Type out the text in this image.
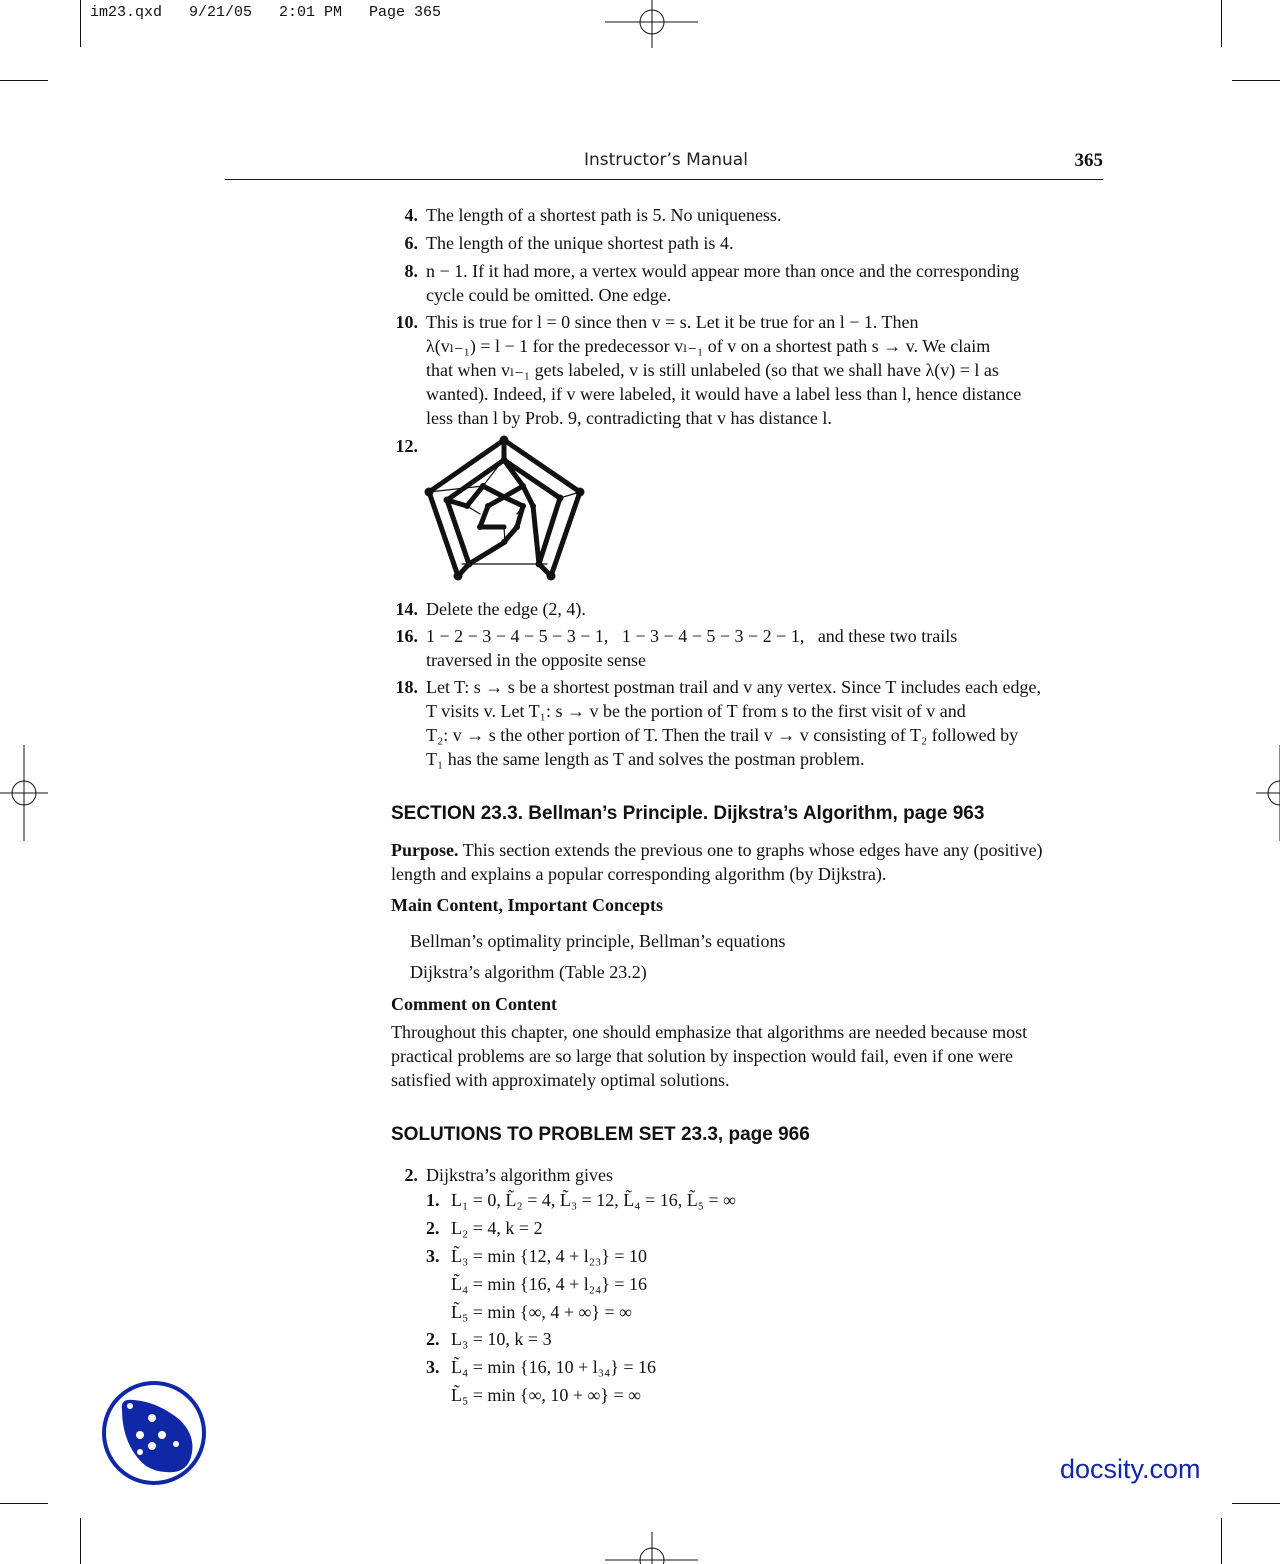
im23.qxd   9/21/05   2:01 PM   Page 365
Instructor’s Manual	365
4. The length of a shortest path is 5. No uniqueness.

6. The length of the unique shortest path is 4.

8. n − 1. If it had more, a vertex would appear more than once and the corresponding

cycle could be omitted. One edge.

10. This is true for l = 0 since then v = s. Let it be true for an l − 1. Then

λ(vₗ₋₁) = l − 1 for the predecessor vₗ₋₁ of v on a shortest path s → v. We claim

that when vₗ₋₁ gets labeled, v is still unlabeled (so that we shall have λ(v) = l as

wanted). Indeed, if v were labeled, it would have a label less than l, hence distance

less than l by Prob. 9, contradicting that v has distance l.

12.
14. Delete the edge (2, 4).

16. 1 − 2 − 3 − 4 − 5 − 3 − 1,   1 − 3 − 4 − 5 − 3 − 2 − 1,   and these two trails

traversed in the opposite sense

18. Let T: s → s be a shortest postman trail and v any vertex. Since T includes each edge,

T visits v. Let T₁: s → v be the portion of T from s to the first visit of v and

T₂: v → s the other portion of T. Then the trail v → v consisting of T₂ followed by

T₁ has the same length as T and solves the postman problem.

SECTION 23.3. Bellman’s Principle. Dijkstra’s Algorithm, page 963
Purpose. This section extends the previous one to graphs whose edges have any (positive)
length and explains a popular corresponding algorithm (by Dijkstra).
Main Content, Important Concepts
Bellman’s optimality principle, Bellman’s equations
Dijkstra’s algorithm (Table 23.2)
Comment on Content
Throughout this chapter, one should emphasize that algorithms are needed because most
practical problems are so large that solution by inspection would fail, even if one were
satisfied with approximately optimal solutions.
SOLUTIONS TO PROBLEM SET 23.3, page 966
2. Dijkstra’s algorithm gives

1. L₁ = 0, L̃₂ = 4, L̃₃ = 12, L̃₄ = 16, L̃₅ = ∞
2. L₂ = 4, k = 2
3. L̃₃ = min {12, 4 + l₂₃} = 10
L̃₄ = min {16, 4 + l₂₄} = 16
L̃₅ = min {∞, 4 + ∞} = ∞
2. L₃ = 10, k = 3
3. L̃₄ = min {16, 10 + l₃₄} = 16
L̃₅ = min {∞, 10 + ∞} = ∞
docsity.com
